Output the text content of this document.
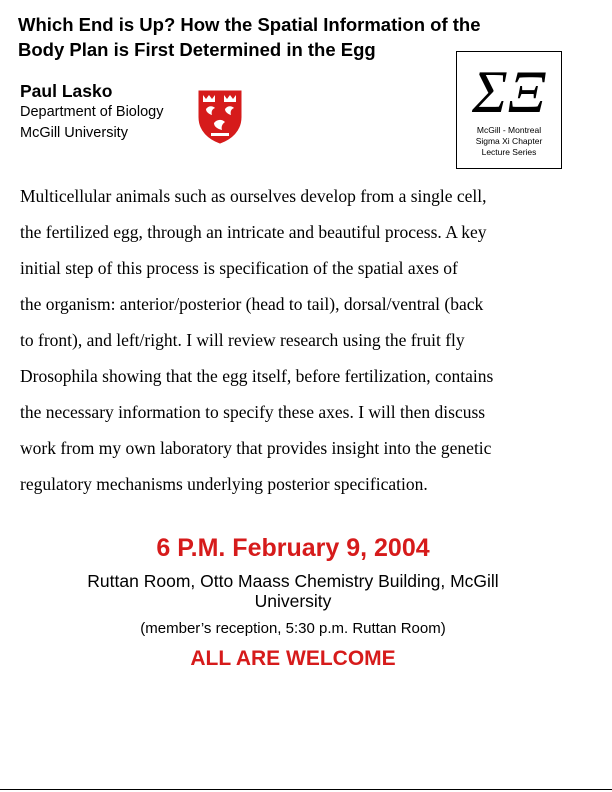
Which End is Up? How the Spatial Information of the Body Plan is First Determined in the Egg
Paul Lasko
Department of Biology
McGill University
ΣΞ
McGill - Montreal
Sigma Xi Chapter
Lecture Series
Multicellular animals such as ourselves develop from a single cell,
the fertilized egg, through an intricate and beautiful process. A key
initial step of this process is specification of the spatial axes of
the organism: anterior/posterior (head to tail), dorsal/ventral (back
to front), and left/right. I will review research using the fruit fly
Drosophila showing that the egg itself, before fertilization, contains
the necessary information to specify these axes. I will then discuss
work from my own laboratory that provides insight into the genetic
regulatory mechanisms underlying posterior specification.
6 P.M. February 9, 2004
Ruttan Room, Otto Maass Chemistry Building, McGill University
(member’s reception, 5:30 p.m. Ruttan Room)
ALL ARE WELCOME
